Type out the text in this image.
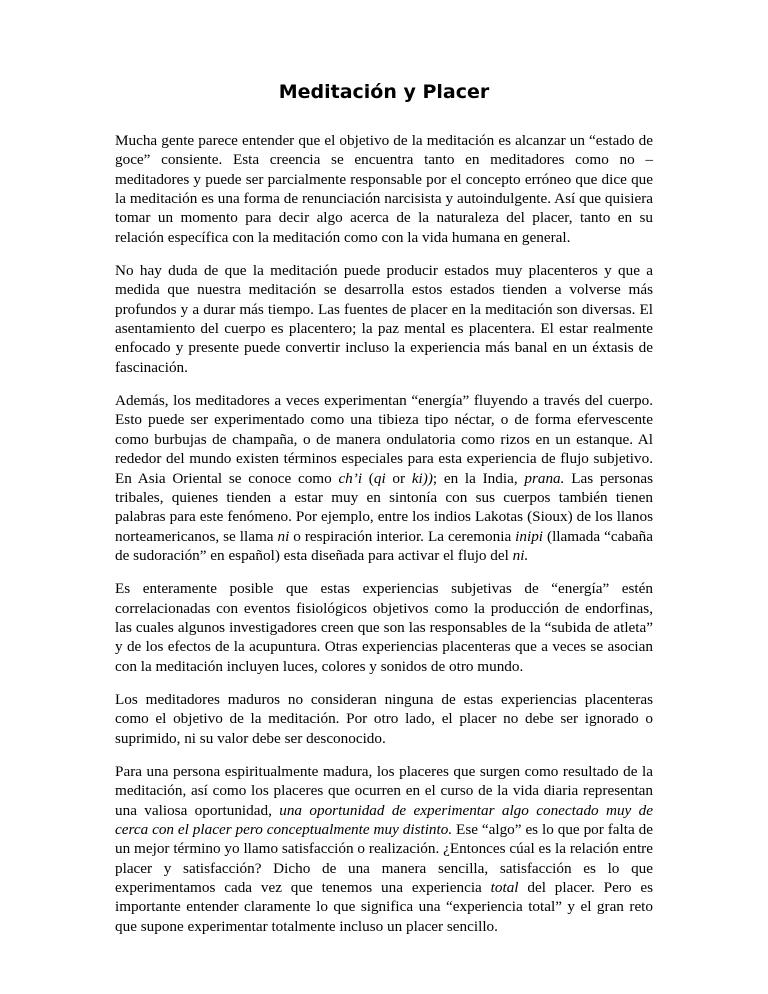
Meditación y Placer

Mucha gente parece entender que el objetivo de la meditación es alcanzar un “estado de goce” consiente. Esta creencia se encuentra tanto en meditadores como no – meditadores y puede ser parcialmente responsable por el concepto erróneo que dice que la meditación es una forma de renunciación narcisista y autoindulgente. Así que quisiera tomar un momento para decir algo acerca de la naturaleza del placer, tanto en su relación específica con la meditación como con la vida humana en general.

No hay duda de que la meditación puede producir estados muy placenteros y que a medida que nuestra meditación se desarrolla estos estados tienden a volverse más profundos y a durar más tiempo. Las fuentes de placer en la meditación son diversas. El asentamiento del cuerpo es placentero; la paz mental es placentera. El estar realmente enfocado y presente puede convertir incluso la experiencia más banal en un éxtasis de fascinación.

Además, los meditadores a veces experimentan “energía” fluyendo a través del cuerpo. Esto puede ser experimentado como una tibieza tipo néctar, o de forma efervescente como burbujas de champaña, o de manera ondulatoria como rizos en un estanque. Al rededor del mundo existen términos especiales para esta experiencia de flujo subjetivo. En Asia Oriental se conoce como ch’i (qi or ki)); en la India, prana. Las personas tribales, quienes tienden a estar muy en sintonía con sus cuerpos también tienen palabras para este fenómeno. Por ejemplo, entre los indios Lakotas (Sioux) de los llanos norteamericanos, se llama ni o respiración interior. La ceremonia inipi (llamada “cabaña de sudoración” en español) esta diseñada para activar el flujo del ni.

Es enteramente posible que estas experiencias subjetivas de “energía” estén correlacionadas con eventos fisiológicos objetivos como la producción de endorfinas, las cuales algunos investigadores creen que son las responsables de la “subida de atleta” y de los efectos de la acupuntura. Otras experiencias placenteras que a veces se asocian con la meditación incluyen luces, colores y sonidos de otro mundo.

Los meditadores maduros no consideran ninguna de estas experiencias placenteras como el objetivo de la meditación. Por otro lado, el placer no debe ser ignorado o suprimido, ni su valor debe ser desconocido.

Para una persona espiritualmente madura, los placeres que surgen como resultado de la meditación, así como los placeres que ocurren en el curso de la vida diaria representan una valiosa oportunidad, una oportunidad de experimentar algo conectado muy de cerca con el placer pero conceptualmente muy distinto. Ese “algo” es lo que por falta de un mejor término yo llamo satisfacción o realización. ¿Entonces cúal es la relación entre placer y satisfacción? Dicho de una manera sencilla, satisfacción es lo que experimentamos cada vez que tenemos una experiencia total del placer. Pero es importante entender claramente lo que significa una “experiencia total” y el gran reto que supone experimentar totalmente incluso un placer sencillo.
